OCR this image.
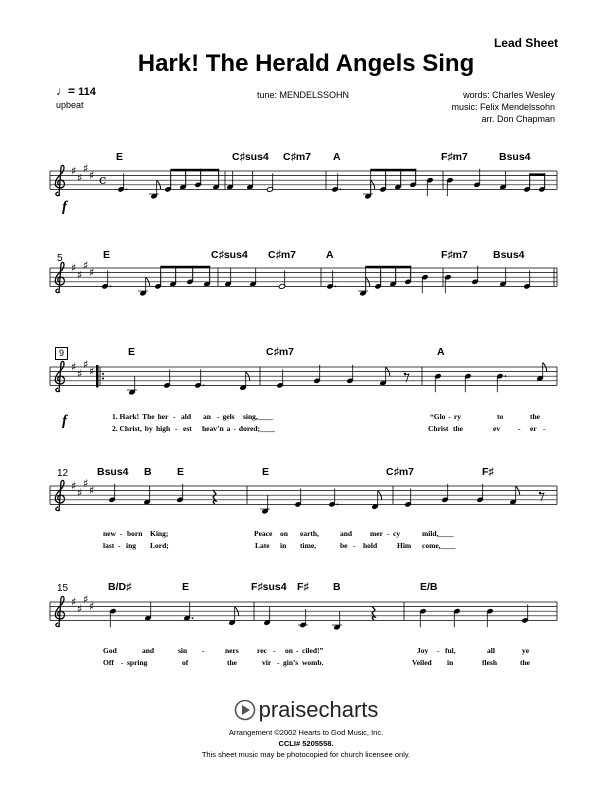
Lead Sheet
Hark! The Herald Angels Sing
♩= 114
upbeat
tune: MENDELSSOHN	words: Charles Wesley
music: Felix Mendelssohn
arr. Don Chapman
♯
♯
♯
♯ c
♯
♯
♯
♯
♯
♯
♯
♯
♯
♯
♯
♯
♯
♯
♯
♯
E	C♯sus4 C♯m7 A	F♯m7	Bsus4
E	C♯sus4 C♯m7	A	F♯m7 Bsus4
5
E	C♯m7	A
9
1. Hark! The her - ald an - gels sing,____	“Glo - ry	to	the
2. Christ, by high - est heav’n a - dored;____	Christ the	ev - er -
Bsus4 B E	E	C♯m7	F♯
12
new - born King;	Peace on earth,	and mer - cy	mild,____
last - ing Lord;	Late in time,	be - hold	Him come,____
B/D♯	E	F♯sus4 F♯ B	E/B
15
God	and	sin -	ners rec - on - ciled!”	Joy - ful,	all	ye
Off - spring	of	the	vir - gin’s womb.	Veiled in	flesh	the
f
f
praisecharts
Arrangement ©2002 Hearts to God Music, Inc.
CCLI# 5205558.
This sheet music may be photocopied for church licensee only.
